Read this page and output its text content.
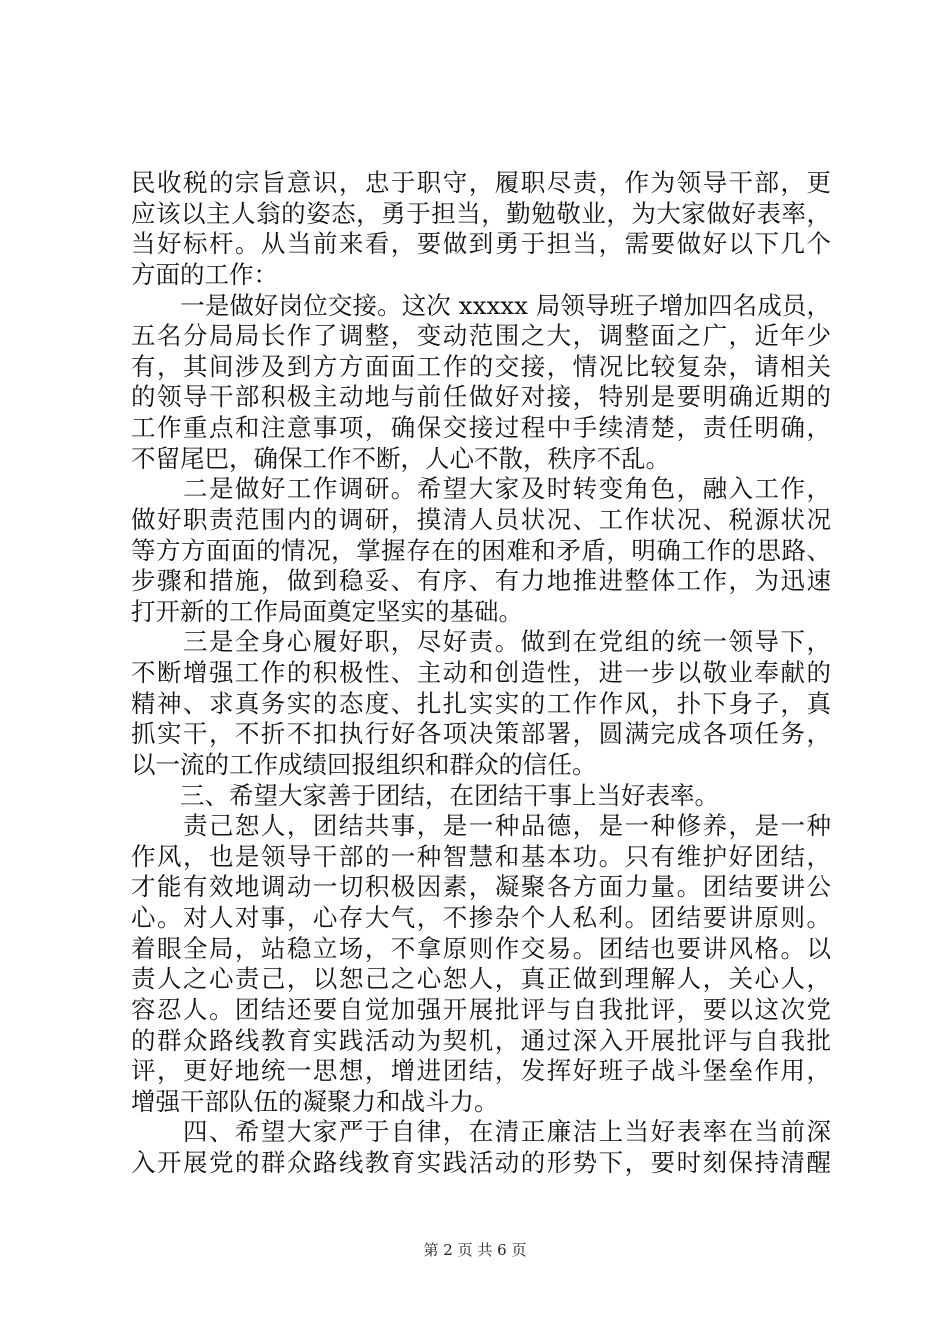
民收税的宗旨意识，忠于职守，履职尽责，作为领导干部，更
应该以主人翁的姿态，勇于担当，勤勉敬业，为大家做好表率，
当好标杆。从当前来看，要做到勇于担当，需要做好以下几个
方面的工作：
　　一是做好岗位交接。这次 xxxxx 局领导班子增加四名成员，
五名分局局长作了调整，变动范围之大，调整面之广，近年少
有，其间涉及到方方面面工作的交接，情况比较复杂，请相关
的领导干部积极主动地与前任做好对接，特别是要明确近期的
工作重点和注意事项，确保交接过程中手续清楚，责任明确，
不留尾巴，确保工作不断，人心不散，秩序不乱。
　　二是做好工作调研。希望大家及时转变角色，融入工作，
做好职责范围内的调研，摸清人员状况、工作状况、税源状况
等方方面面的情况，掌握存在的困难和矛盾，明确工作的思路、
步骤和措施，做到稳妥、有序、有力地推进整体工作，为迅速
打开新的工作局面奠定坚实的基础。
　　三是全身心履好职，尽好责。做到在党组的统一领导下，
不断增强工作的积极性、主动和创造性，进一步以敬业奉献的
精神、求真务实的态度、扎扎实实的工作作风，扑下身子，真
抓实干，不折不扣执行好各项决策部署，圆满完成各项任务，
以一流的工作成绩回报组织和群众的信任。
　　三、希望大家善于团结，在团结干事上当好表率。
　　责己恕人，团结共事，是一种品德，是一种修养，是一种
作风，也是领导干部的一种智慧和基本功。只有维护好团结，
才能有效地调动一切积极因素，凝聚各方面力量。团结要讲公
心。对人对事，心存大气，不掺杂个人私利。团结要讲原则。
着眼全局，站稳立场，不拿原则作交易。团结也要讲风格。以
责人之心责己，以恕己之心恕人，真正做到理解人，关心人，
容忍人。团结还要自觉加强开展批评与自我批评，要以这次党
的群众路线教育实践活动为契机，通过深入开展批评与自我批
评，更好地统一思想，增进团结，发挥好班子战斗堡垒作用，
增强干部队伍的凝聚力和战斗力。
　　四、希望大家严于自律，在清正廉洁上当好表率在当前深
入开展党的群众路线教育实践活动的形势下，要时刻保持清醒
第 2 页 共 6 页
